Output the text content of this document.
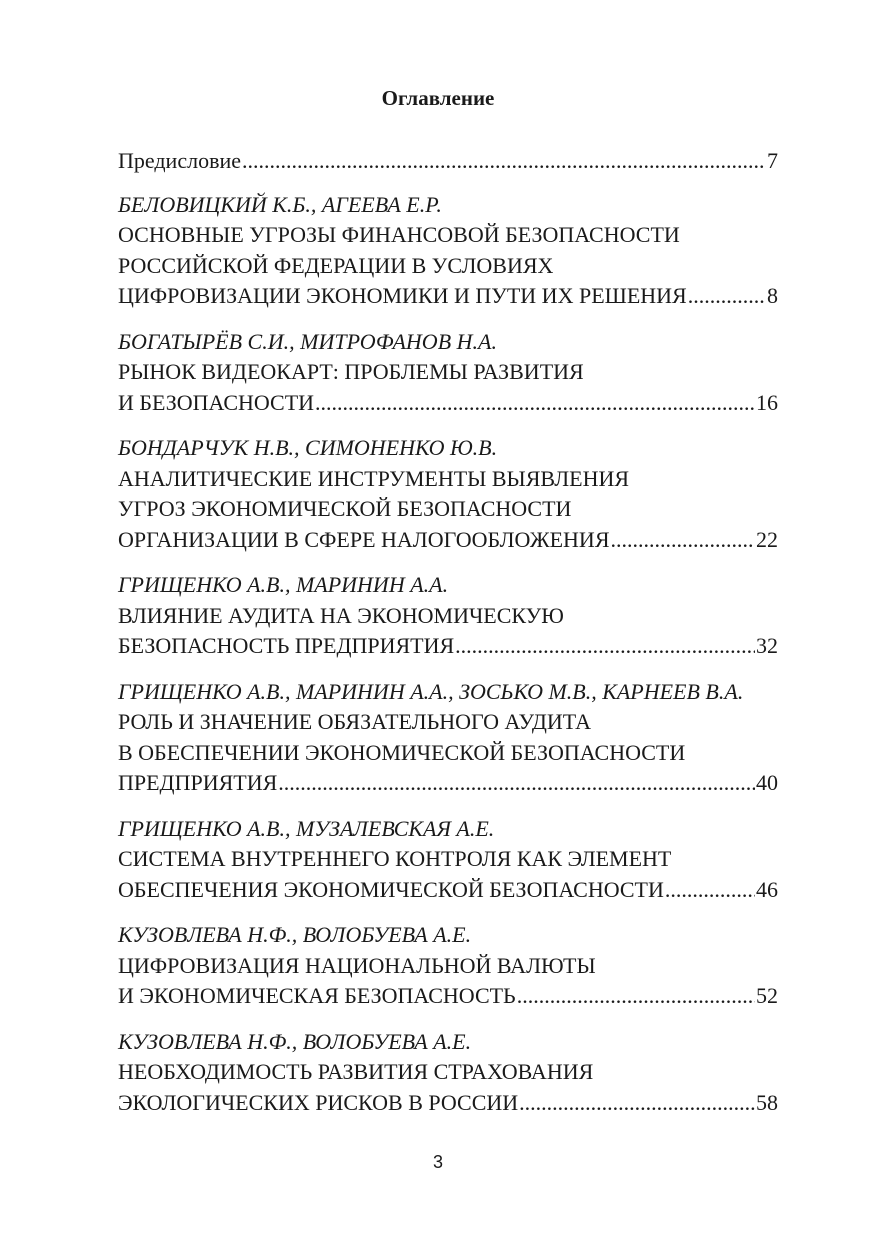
Оглавление
Предисловие .....	7
БЕЛОВИЦКИЙ К.Б., АГЕЕВА Е.Р.
ОСНОВНЫЕ УГРОЗЫ ФИНАНСОВОЙ БЕЗОПАСНОСТИ
РОССИЙСКОЙ ФЕДЕРАЦИИ В УСЛОВИЯХ
ЦИФРОВИЗАЦИИ ЭКОНОМИКИ И ПУТИ ИХ РЕШЕНИЯ .....	8
БОГАТЫРЁВ С.И., МИТРОФАНОВ Н.А.
РЫНОК ВИДЕОКАРТ: ПРОБЛЕМЫ РАЗВИТИЯ
И БЕЗОПАСНОСТИ .....	16
БОНДАРЧУК Н.В., СИМОНЕНКО Ю.В.
АНАЛИТИЧЕСКИЕ ИНСТРУМЕНТЫ ВЫЯВЛЕНИЯ
УГРОЗ ЭКОНОМИЧЕСКОЙ БЕЗОПАСНОСТИ
ОРГАНИЗАЦИИ В СФЕРЕ НАЛОГООБЛОЖЕНИЯ .....	22
ГРИЩЕНКО А.В., МАРИНИН А.А.
ВЛИЯНИЕ АУДИТА НА ЭКОНОМИЧЕСКУЮ
БЕЗОПАСНОСТЬ ПРЕДПРИЯТИЯ .....	32
ГРИЩЕНКО А.В., МАРИНИН А.А., ЗОСЬКО М.В., КАРНЕЕВ В.А.
РОЛЬ И ЗНАЧЕНИЕ ОБЯЗАТЕЛЬНОГО АУДИТА
В ОБЕСПЕЧЕНИИ ЭКОНОМИЧЕСКОЙ БЕЗОПАСНОСТИ
ПРЕДПРИЯТИЯ .....	40
ГРИЩЕНКО А.В., МУЗАЛЕВСКАЯ А.Е.
СИСТЕМА ВНУТРЕННЕГО КОНТРОЛЯ КАК ЭЛЕМЕНТ
ОБЕСПЕЧЕНИЯ ЭКОНОМИЧЕСКОЙ БЕЗОПАСНОСТИ .....	46
КУЗОВЛЕВА Н.Ф., ВОЛОБУЕВА А.Е.
ЦИФРОВИЗАЦИЯ НАЦИОНАЛЬНОЙ ВАЛЮТЫ
И ЭКОНОМИЧЕСКАЯ БЕЗОПАСНОСТЬ .....	52
КУЗОВЛЕВА Н.Ф., ВОЛОБУЕВА А.Е.
НЕОБХОДИМОСТЬ РАЗВИТИЯ СТРАХОВАНИЯ
ЭКОЛОГИЧЕСКИХ РИСКОВ В РОССИИ .....	58
3
